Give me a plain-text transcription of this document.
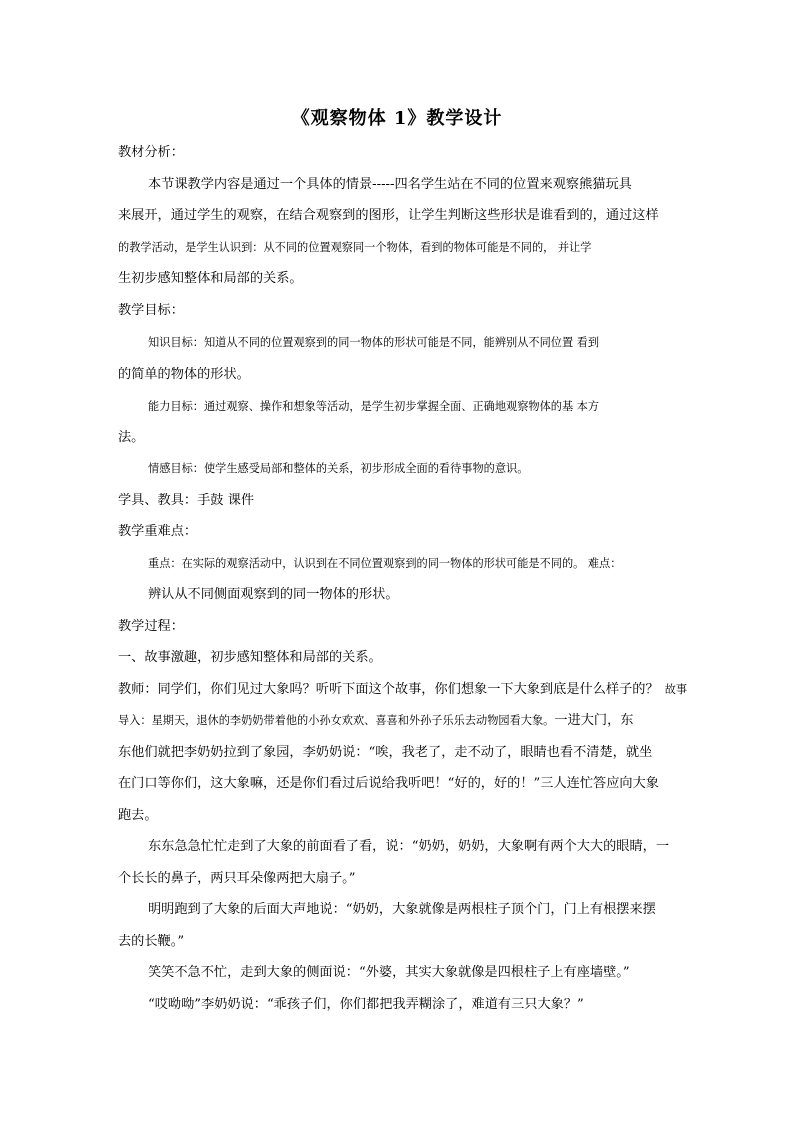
《观察物体 1》教学设计
教材分析：
本节课教学内容是通过一个具体的情景-----四名学生站在不同的位置来观察熊猫玩具
来展开，通过学生的观察，在结合观察到的图形，让学生判断这些形状是谁看到的，通过这样
的教学活动，是学生认识到：从不同的位置观察同一个物体，看到的物体可能是不同的， 并让学
生初步感知整体和局部的关系。
教学目标：
知识目标：知道从不同的位置观察到的同一物体的形状可能是不同，能辨别从不同位置 看到
的简单的物体的形状。
能力目标：通过观察、操作和想象等活动，是学生初步掌握全面、正确地观察物体的基 本方
法。
情感目标：使学生感受局部和整体的关系，初步形成全面的看待事物的意识。
学具、教具：手鼓 课件
教学重难点：
重点：在实际的观察活动中，认识到在不同位置观察到的同一物体的形状可能是不同的。 难点：
辨认从不同侧面观察到的同一物体的形状。
教学过程：
一、故事激趣，初步感知整体和局部的关系。
教师：同学们，你们见过大象吗？听听下面这个故事，你们想象一下大象到底是什么样子的？ 故事
导入：星期天，退休的李奶奶带着他的小孙女欢欢、喜喜和外孙子乐乐去动物园看大象。一进大门，东
东他们就把李奶奶拉到了象园，李奶奶说：“唉，我老了，走不动了，眼睛也看不清楚，就坐
在门口等你们，这大象嘛，还是你们看过后说给我听吧！“好的，好的！”三人连忙答应向大象
跑去。
东东急急忙忙走到了大象的前面看了看，说：“奶奶，奶奶，大象啊有两个大大的眼睛，一
个长长的鼻子，两只耳朵像两把大扇子。”
明明跑到了大象的后面大声地说：“奶奶，大象就像是两根柱子顶个门，门上有根摆来摆
去的长鞭。”
笑笑不急不忙，走到大象的侧面说：“外婆，其实大象就像是四根柱子上有座墙壁。”
“哎呦呦”李奶奶说：“乖孩子们，你们都把我弄糊涂了，难道有三只大象？”
